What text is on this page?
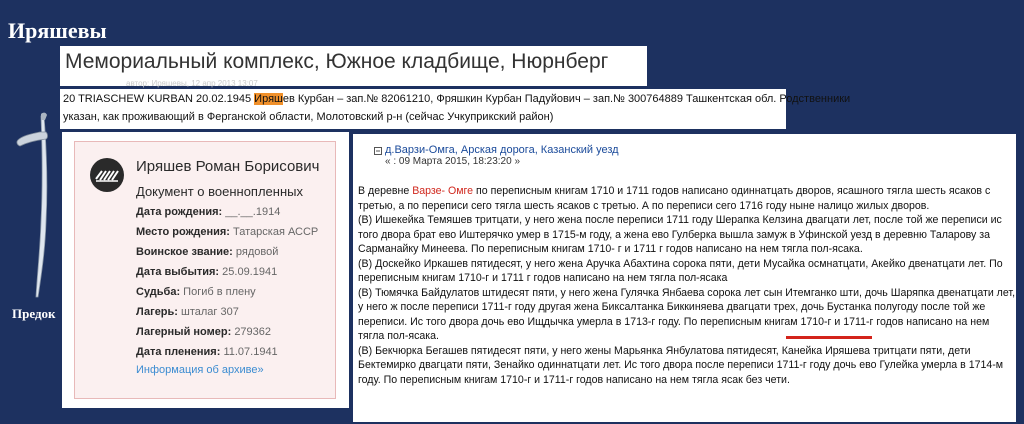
Иряшевы
Предок
Мемориальный комплекс, Южное кладбище, Нюрнберг
автор: Иряшевы, 12 апр 2013 13:07
20 TRIASCHEW KURBAN 20.02.1945 Иряшев Курбан – зап.№ 82061210, Фряшкин Курбан Падуйович – зап.№ 300764889 Ташкентская обл. Родственники
указан, как проживающий в Ферганской области, Молотовский р-н (сейчас Учкуприкский район)
Иряшев Роман Борисович
Документ о военнопленных
Дата рождения: __.__.1914
Место рождения: Татарская АССР
Воинское звание: рядовой
Дата выбытия: 25.09.1941
Судьба: Погиб в плену
Лагерь: шталаг 307
Лагерный номер: 279362
Дата пленения: 11.07.1941
Информация об архиве»
д.Варзи-Омга, Арская дорога, Казанский уезд
« : 09 Марта 2015, 18:23:20 »
В деревне Варзе- Омге по переписным книгам 1710 и 1711 годов написано одиннатцать дворов, ясашного тягла шесть ясаков с
третью, а по переписи сего тягла шесть ясаков с третью. А по переписи сего 1716 году ныне налицо жилых дворов.
(В) Ишекейка Темяшев тритцати, у него жена после переписи 1711 году Шерапка Келзина двагцати лет, после той же переписи ис
того двора брат ево Иштерячко умер в 1715-м году, а жена ево Гулберка вышла замуж в Уфинской уезд в деревню Таларову за
Сарманайку Минеева. По переписным книгам 1710- г и 1711 г годов написано на нем тягла пол-ясака.
(В) Доскейко Иркашев пятидесят, у него жена Аручка Абахтина сорока пяти, дети Мусайка осмнатцати, Акейко двенатцати лет. По
переписным книгам 1710-г и 1711 г годов написано на нем тягла пол-ясака
(В) Тюмячка Байдулатов штидесят пяти, у него жена Гулячка Янбаева сорока лет сын Итемганко шти, дочь Шаряпка двенатцати лет,
у него ж после переписи 1711-г году другая жена Биксалтанка Биккиняева двагцати трех, дочь Бустанка полугоду после той же
переписи. Ис того двора дочь ево Ищдычка умерла в 1713-г году. По переписным книгам 1710-г и 1711-г годов написано на нем
тягла пол-ясака.
(В) Бекчюрка Бегашев пятидесят пяти, у него жены Марьянка Янбулатова пятидесят, Канейка Иряшева тритцати пяти, дети
Бектемирко двагцати пяти, Зенайко одиннатцати лет. Ис того двора после переписи 1711-г году дочь ево Гулейка умерла в 1714-м
году. По переписным книгам 1710-г и 1711-г годов написано на нем тягла ясак без чети.
